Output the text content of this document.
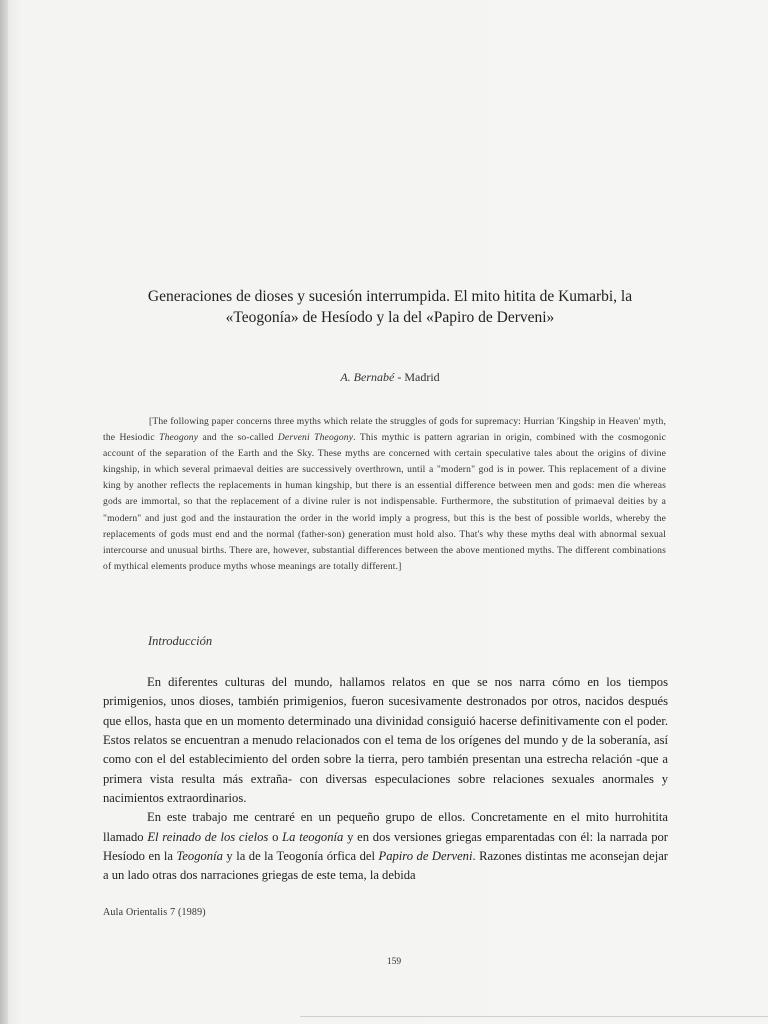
Generaciones de dioses y sucesión interrumpida. El mito hitita de Kumarbi, la
«Teogonía» de Hesíodo y la del «Papiro de Derveni»
A. Bernabé - Madrid

[The following paper concerns three myths which relate the struggles of gods for supremacy: Hurrian 'Kingship in Heaven' myth, the Hesiodic Theogony and the so-called Derveni Theogony. This mythic is pattern agrarian in origin, combined with the cosmogonic account of the separation of the Earth and the Sky. These myths are concerned with certain speculative tales about the origins of divine kingship, in which several primaeval deities are successively overthrown, until a "modern" god is in power. This replacement of a divine king by another reflects the replacements in human kingship, but there is an essential difference between men and gods: men die whereas gods are immortal, so that the replacement of a divine ruler is not indispensable. Furthermore, the substitution of primaeval deities by a "modern" and just god and the instauration the order in the world imply a progress, but this is the best of possible worlds, whereby the replacements of gods must end and the normal (father-son) generation must hold also. That's why these myths deal with abnormal sexual intercourse and unusual births. There are, however, substantial differences between the above mentioned myths. The different combinations of mythical elements produce myths whose meanings are totally different.]

Introducción

En diferentes culturas del mundo, hallamos relatos en que se nos narra cómo en los tiempos primigenios, unos dioses, también primigenios, fueron sucesivamente destronados por otros, nacidos después que ellos, hasta que en un momento determinado una divinidad consiguió hacerse definitivamente con el poder. Estos relatos se encuentran a menudo relacionados con el tema de los orígenes del mundo y de la soberanía, así como con el del establecimiento del orden sobre la tierra, pero también presentan una estrecha relación -que a primera vista resulta más extraña- con diversas especulaciones sobre relaciones sexuales anormales y nacimientos extraordinarios.

En este trabajo me centraré en un pequeño grupo de ellos. Concretamente en el mito hurrohitita llamado El reinado de los cielos o La teogonía y en dos versiones griegas emparentadas con él: la narrada por Hesíodo en la Teogonía y la de la Teogonía órfica del Papiro de Derveni. Razones distintas me aconsejan dejar a un lado otras dos narraciones griegas de este tema, la debida

Aula Orientalis 7 (1989)
159
